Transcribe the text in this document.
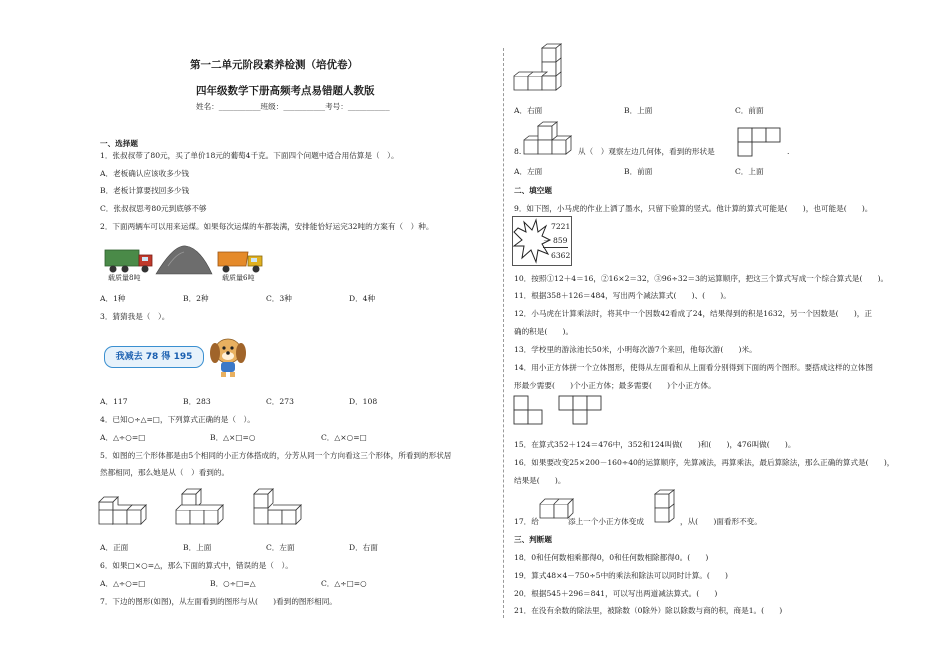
第一二单元阶段素养检测（培优卷）
四年级数学下册高频考点易错题人教版
姓名：___________班级：___________考号：___________
一、选择题
1．张叔叔带了80元，买了单价18元的葡萄4千克。下面四个问题中适合用估算是（　）。
A．老板确认应该收多少钱
B．老板计算要找回多少钱
C．张叔叔思考80元到底够不够
2．下面两辆车可以用来运煤。如果每次运煤的车都装满，安排能恰好运完32吨的方案有（　）种。
载质量8吨	载质量6吨
A．1种	B．2种	C．3种	D．4种
3．猜猜我是（　）。
我减去 78 得 195
A．117	B．283	C．273	D．108
4．已知○÷△=□，下列算式正确的是（　）。
A．△÷○=□	B．△×□=○	C．△×○=□
5．如图的三个形体都是由5个相同的小正方体搭成的，分芳从同一个方向看这三个形体，所看到的形状居
然都相同，那么她是从（　）看到的。
A．正面	B．上面	C．左面	D．右面
6．如果□×○=△，那么下面的算式中，错误的是（　）。
A．△÷○=□	B．○÷□=△	C．△÷□=○
7．下边的图形(如图)，从左面看到的图形与从(　　)看到的图形相同。
A．右面	B．上面	C．前面
8.	从（　）观察左边几何体，看到的形状是	.
A．左面	B．前面	C．上面
二、填空题
9．如下图，小马虎的作业上洒了墨水，只留下验算的竖式。他计算的算式可能是(　　)，也可能是(　　)。
7221
－ 859
6362
10．按照①12＋4＝16，②16×2＝32，③96÷32＝3的运算顺序，把这三个算式写成一个综合算式是(　　)。
11．根据358＋126＝484，写出两个减法算式(　　)、(　　)。
12．小马虎在计算乘法时，将其中一个因数42看成了24，结果得到的积是1632，另一个因数是(　　)，正
确的积是(　　)。
13．学校里的游泳池长50米，小明每次游7个来回，他每次游(　　)米。
14．用小正方体拼一个立体图形，使得从左面看和从上面看分别得到下面的两个图形。要搭成这样的立体图
形最少需要(　　)个小正方体；最多需要(　　)个小正方体。
15．在算式352＋124＝476中，352和124叫做(　　)和(　　)，476叫做(　　)。
16．如果要改变25×200－160÷40的运算顺序，先算减法，再算乘法，最后算除法，那么正确的算式是(　　)，
结果是(　　)。
17．给	添上一个小正方体变成	，从(　　)面看形不变。
三、判断题
18．0和任何数相乘都得0，0和任何数相除都得0。(　　)
19．算式48×4－750÷5中的乘法和除法可以同时计算。(　　)
20．根据545＋296＝841，可以写出两道减法算式。(　　)
21．在没有余数的除法里，被除数（0除外）除以除数与商的积，商是1。(　　)
